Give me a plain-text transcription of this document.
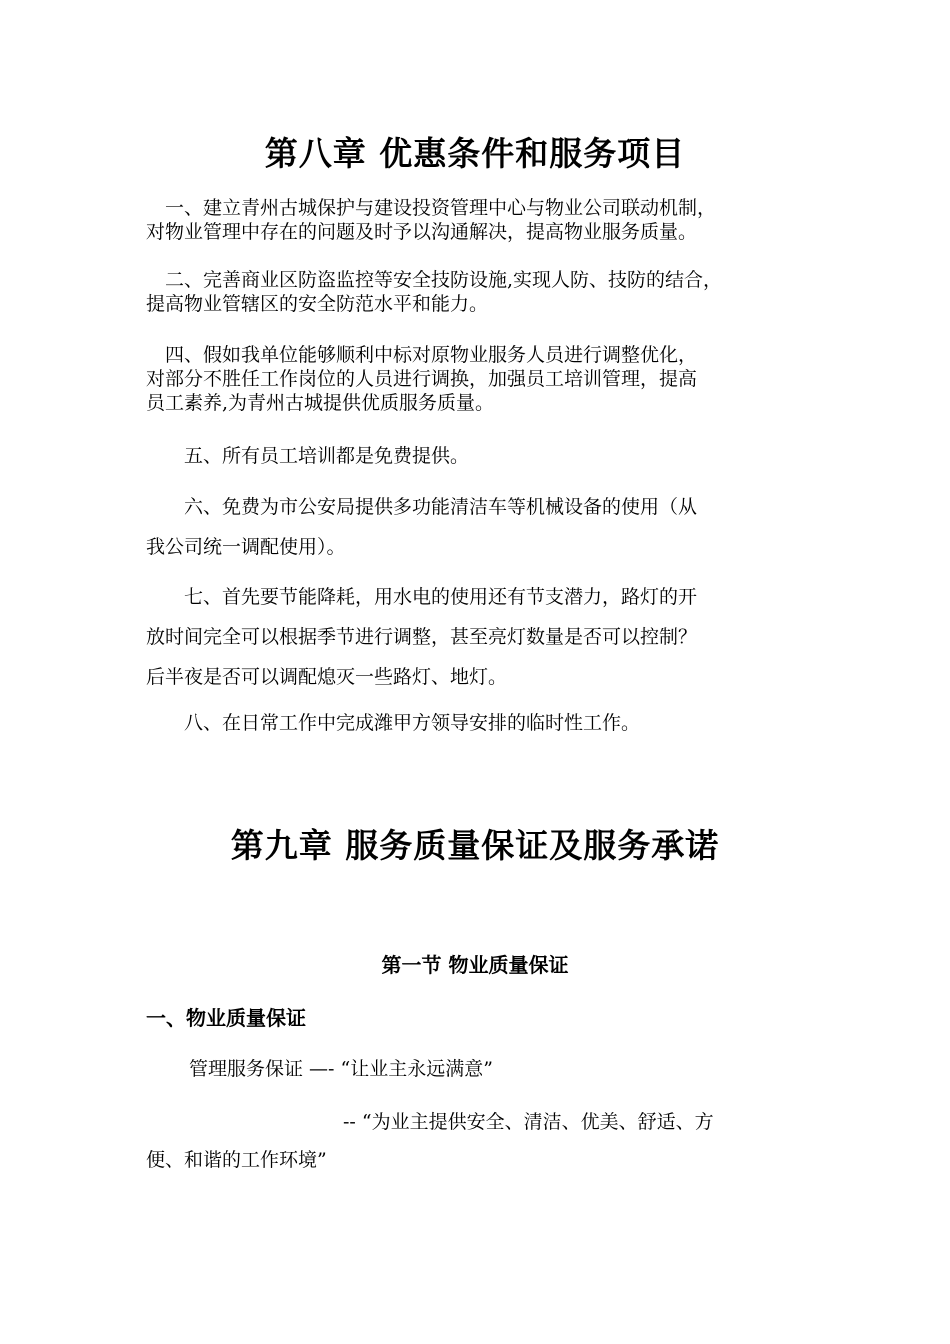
第八章 优惠条件和服务项目

　一、建立青州古城保护与建设投资管理中心与物业公司联动机制，
对物业管理中存在的问题及时予以沟通解决，提高物业服务质量。

　二、完善商业区防盗监控等安全技防设施,实现人防、技防的结合，
提高物业管辖区的安全防范水平和能力。

　四、假如我单位能够顺利中标对原物业服务人员进行调整优化，
对部分不胜任工作岗位的人员进行调换，加强员工培训管理，提高
员工素养,为青州古城提供优质服务质量。

　　五、所有员工培训都是免费提供。

　　六、免费为市公安局提供多功能清洁车等机械设备的使用（从
我公司统一调配使用）。

　　七、首先要节能降耗，用水电的使用还有节支潜力，路灯的开
放时间完全可以根据季节进行调整，甚至亮灯数量是否可以控制？
后半夜是否可以调配熄灭一些路灯、地灯。

　　八、在日常工作中完成潍甲方领导安排的临时性工作。

第九章 服务质量保证及服务承诺
第一节 物业质量保证
一、物业质量保证

管理服务保证 —- “让业主永远满意”

-- “为业主提供安全、清洁、优美、舒适、方

便、和谐的工作环境”
